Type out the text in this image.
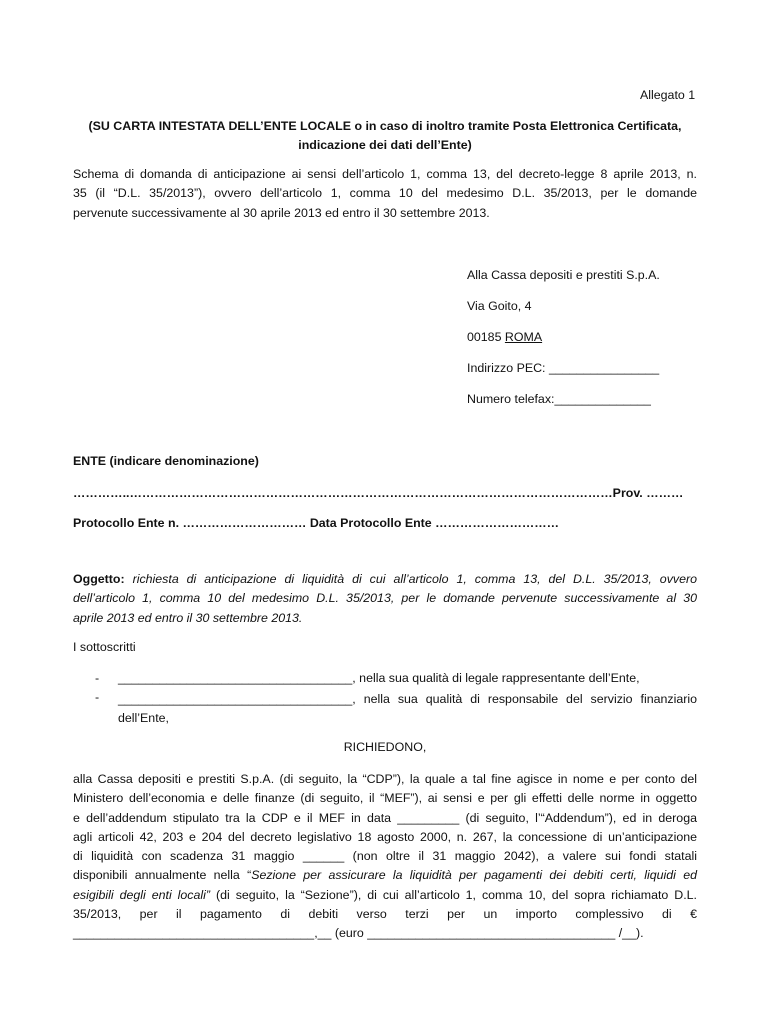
Allegato 1
(SU CARTA INTESTATA DELL’ENTE LOCALE o in caso di inoltro tramite Posta Elettronica Certificata,
indicazione dei dati dell’Ente)
Schema di domanda di anticipazione ai sensi dell’articolo 1, comma 13, del decreto-legge 8 aprile 2013, n.
35 (il “D.L. 35/2013”), ovvero dell’articolo 1, comma 10 del medesimo D.L. 35/2013, per le domande
pervenute successivamente al 30 aprile 2013 ed entro il 30 settembre 2013.
Alla Cassa depositi e prestiti S.p.A.
Via Goito, 4
00185 ROMA
Indirizzo PEC: ________________
Numero telefax:______________
ENTE (indicare denominazione)
…………..………………………………………………………………………………………………………Prov. ………
Protocollo Ente n. ………………………… Data Protocollo Ente …………………………
Oggetto: richiesta di anticipazione di liquidità di cui all’articolo 1, comma 13, del D.L. 35/2013, ovvero
dell’articolo 1, comma 10 del medesimo D.L. 35/2013, per le domande pervenute successivamente al 30
aprile 2013 ed entro il 30 settembre 2013.
I sottoscritti
- __________________________________, nella sua qualità di legale rappresentante dell’Ente,
- __________________________________, nella sua qualità di responsabile del servizio finanziario
dell’Ente,
RICHIEDONO,
alla Cassa depositi e prestiti S.p.A. (di seguito, la “CDP”), la quale a tal fine agisce in nome e per conto del
Ministero dell’economia e delle finanze (di seguito, il “MEF”), ai sensi e per gli effetti delle norme in oggetto
e dell’addendum stipulato tra la CDP e il MEF in data _________ (di seguito, l’“Addendum”), ed in deroga
agli articoli 42, 203 e 204 del decreto legislativo 18 agosto 2000, n. 267, la concessione di un’anticipazione
di liquidità con scadenza 31 maggio ______ (non oltre il 31 maggio 2042), a valere sui fondi statali
disponibili annualmente nella “Sezione per assicurare la liquidità per pagamenti dei debiti certi, liquidi ed
esigibili degli enti locali” (di seguito, la “Sezione”), di cui all’articolo 1, comma 10, del sopra richiamato D.L.
35/2013, per il pagamento di debiti verso terzi per un importo complessivo di €
___________________________________,__ (euro ____________________________________ /__).
